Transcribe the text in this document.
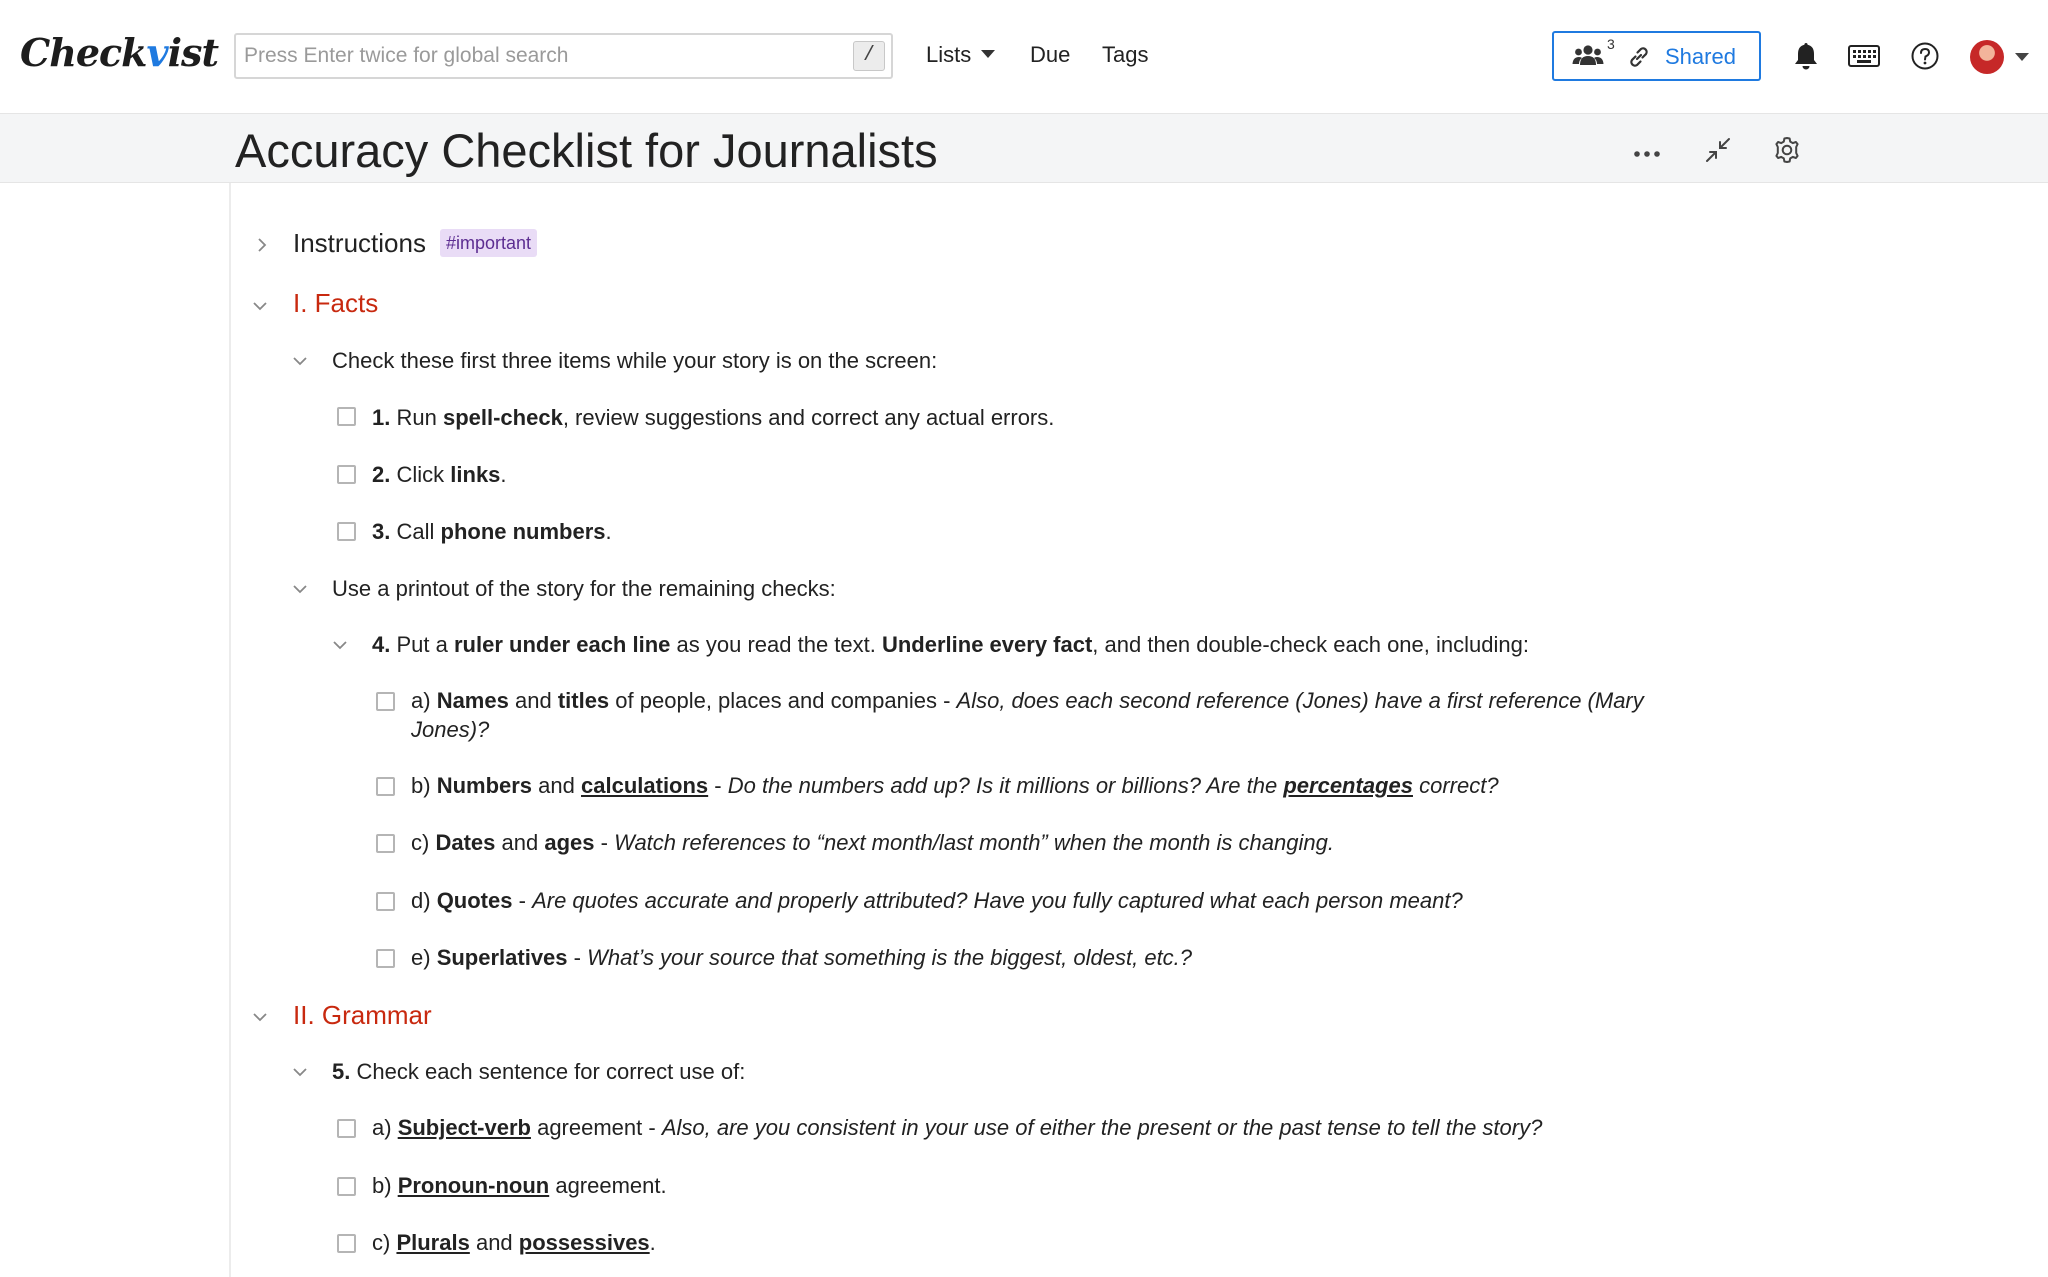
Checkvist
Press Enter twice for global search	/	Lists	Due Tags	3 Shared
Accuracy Checklist for Journalists
Instructions #important
I. Facts
Check these first three items while your story is on the screen:
1. Run spell-check, review suggestions and correct any actual errors.
2. Click links.
3. Call phone numbers.
Use a printout of the story for the remaining checks:
4. Put a ruler under each line as you read the text. Underline every fact, and then double-check each one, including:
a) Names and titles of people, places and companies - Also, does each second reference (Jones) have a first reference (Mary Jones)?
b) Numbers and calculations - Do the numbers add up? Is it millions or billions? Are the percentages correct?
c) Dates and ages - Watch references to “next month/last month” when the month is changing.
d) Quotes - Are quotes accurate and properly attributed? Have you fully captured what each person meant?
e) Superlatives - What’s your source that something is the biggest, oldest, etc.?
II. Grammar
5. Check each sentence for correct use of:
a) Subject-verb agreement - Also, are you consistent in your use of either the present or the past tense to tell the story?
b) Pronoun-noun agreement.
c) Plurals and possessives.
